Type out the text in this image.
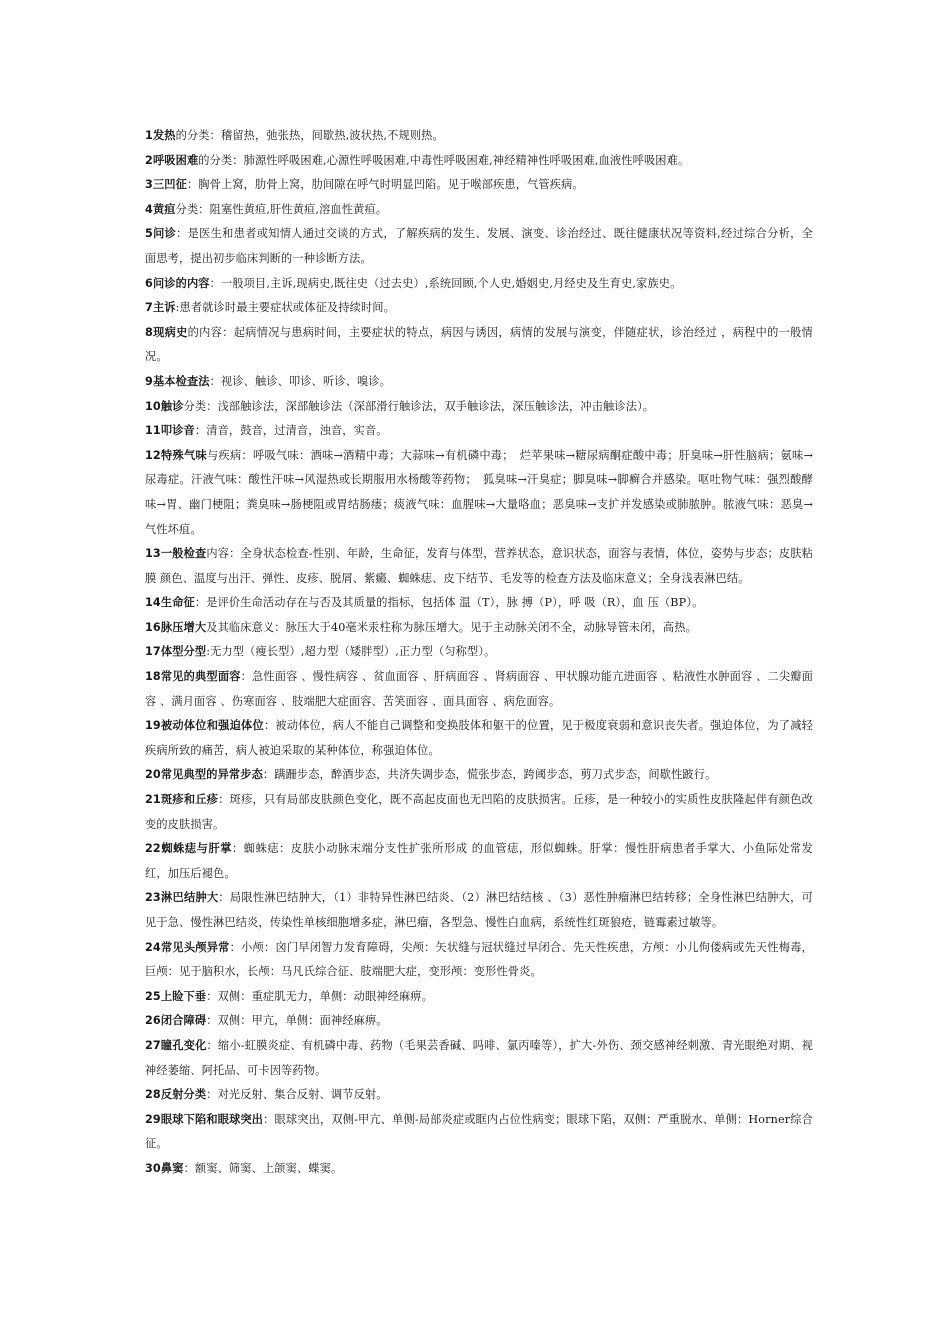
1发热的分类：稽留热，弛张热，间歇热,波状热,不规则热。

2呼吸困难的分类：肺源性呼吸困难,心源性呼吸困难,中毒性呼吸困难,神经精神性呼吸困难,血液性呼吸困难。

3三凹征：胸骨上窝，肋骨上窝，肋间隙在呼气时明显凹陷。见于喉部疾患，气管疾病。

4黄疸分类：阻塞性黄疸,肝性黄疸,溶血性黄疸。

5问诊：是医生和患者或知情人通过交谈的方式，了解疾病的发生、发展、演变、诊治经过、既往健康状况等资料,经过综合分析，全面思考，提出初步临床判断的一种诊断方法。

6问诊的内容：一般项目,主诉,现病史,既往史（过去史）,系统回顾,个人史,婚姻史,月经史及生育史,家族史。

7主诉:患者就诊时最主要症状或体征及持续时间。

8现病史的内容：起病情况与患病时间，主要症状的特点，病因与诱因，病情的发展与演变，伴随症状，诊治经过 ，病程中的一般情况。

9基本检查法：视诊、触诊、叩诊、听诊、嗅诊。

10触诊分类：浅部触诊法，深部触诊法（深部滑行触诊法，双手触诊法，深压触诊法，冲击触诊法）。

11叩诊音：清音，鼓音，过清音，浊音，实音。

12特殊气味与疾病：呼吸气味：酒味→酒精中毒；大蒜味→有机磷中毒；　烂苹果味→糖尿病酮症酸中毒；肝臭味→肝性脑病；氨味→尿毒症。汗液气味：酸性汗味→风湿热或长期服用水杨酸等药物；　狐臭味→汗臭症；脚臭味→脚癣合并感染。呕吐物气味：强烈酸酵味→胃、幽门梗阻；粪臭味→肠梗阻或胃结肠瘘；痰液气味：血腥味→大量咯血；恶臭味→支扩并发感染或肺脓肿。脓液气味：恶臭→气性坏疽。

13一般检查内容：全身状态检查-性别、年龄，生命征，发育与体型，营养状态，意识状态，面容与表情，体位，姿势与步态；皮肤粘膜 颜色、温度与出汗、弹性、皮疹、脱屑、紫癜、蜘蛛痣、皮下结节、毛发等的检查方法及临床意义；全身浅表淋巴结。

14生命征：是评价生命活动存在与否及其质量的指标，包括体 温（T），脉 搏（P），呼 吸（R），血 压（BP）。

16脉压增大及其临床意义：脉压大于40毫米汞柱称为脉压增大。见于主动脉关闭不全，动脉导管未闭，高热。

17体型分型:无力型（瘦长型）,超力型（矮胖型）,正力型（匀称型）。

18常见的典型面容：急性面容 、慢性病容 、贫血面容 、肝病面容 、肾病面容 、甲状腺功能亢进面容 、粘液性水肿面容 、二尖瓣面容 、满月面容 、伤寒面容 、肢端肥大症面容、苦笑面容 、面具面容 、病危面容。

19被动体位和强迫体位：被动体位，病人不能自己调整和变换肢体和躯干的位置，见于极度衰弱和意识丧失者。强迫体位，为了减轻疾病所致的痛苦，病人被迫采取的某种体位，称强迫体位。

20常见典型的异常步态：蹒跚步态，醉酒步态，共济失调步态，慌张步态，跨阈步态，剪刀式步态，间歇性跛行。

21斑疹和丘疹：斑疹，只有局部皮肤颜色变化，既不高起皮面也无凹陷的皮肤损害。丘疹，是一种较小的实质性皮肤隆起伴有颜色改变的皮肤损害。

22蜘蛛痣与肝掌：蜘蛛痣：皮肤小动脉末端分支性扩张所形成 的血管痣，形似蜘蛛。肝掌：慢性肝病患者手掌大、小鱼际处常发 红，加压后褪色。

23淋巴结肿大：局限性淋巴结肿大，（1）非特异性淋巴结炎、（2）淋巴结结核 、（3）恶性肿瘤淋巴结转移；全身性淋巴结肿大，可见于急、慢性淋巴结炎，传染性单核细胞增多症，淋巴瘤，各型急、慢性白血病，系统性红斑狼疮，链霉素过敏等。

24常见头颅异常：小颅：囟门早闭智力发育障碍，尖颅：矢状缝与冠状缝过早闭合、先天性疾患，方颅：小儿佝偻病或先天性梅毒，巨颅：见于脑积水，长颅：马凡氏综合征、肢端肥大症，变形颅：变形性骨炎。

25上睑下垂：双侧：重症肌无力，单侧：动眼神经麻痹。

26闭合障碍：双侧：甲亢，单侧：面神经麻痹。

27瞳孔变化：缩小-虹膜炎症、有机磷中毒、药物（毛果芸香碱、吗啡、氯丙嗪等），扩大-外伤、颈交感神经刺激、青光眼绝对期、视神经萎缩、阿托品、可卡因等药物。

28反射分类：对光反射、集合反射、调节反射。

29眼球下陷和眼球突出：眼球突出，双侧-甲亢、单侧-局部炎症或眶内占位性病变；眼球下陷，双侧：严重脱水、单侧：Horner综合征。

30鼻窦：额窦、筛窦、上颌窦、蝶窦。
